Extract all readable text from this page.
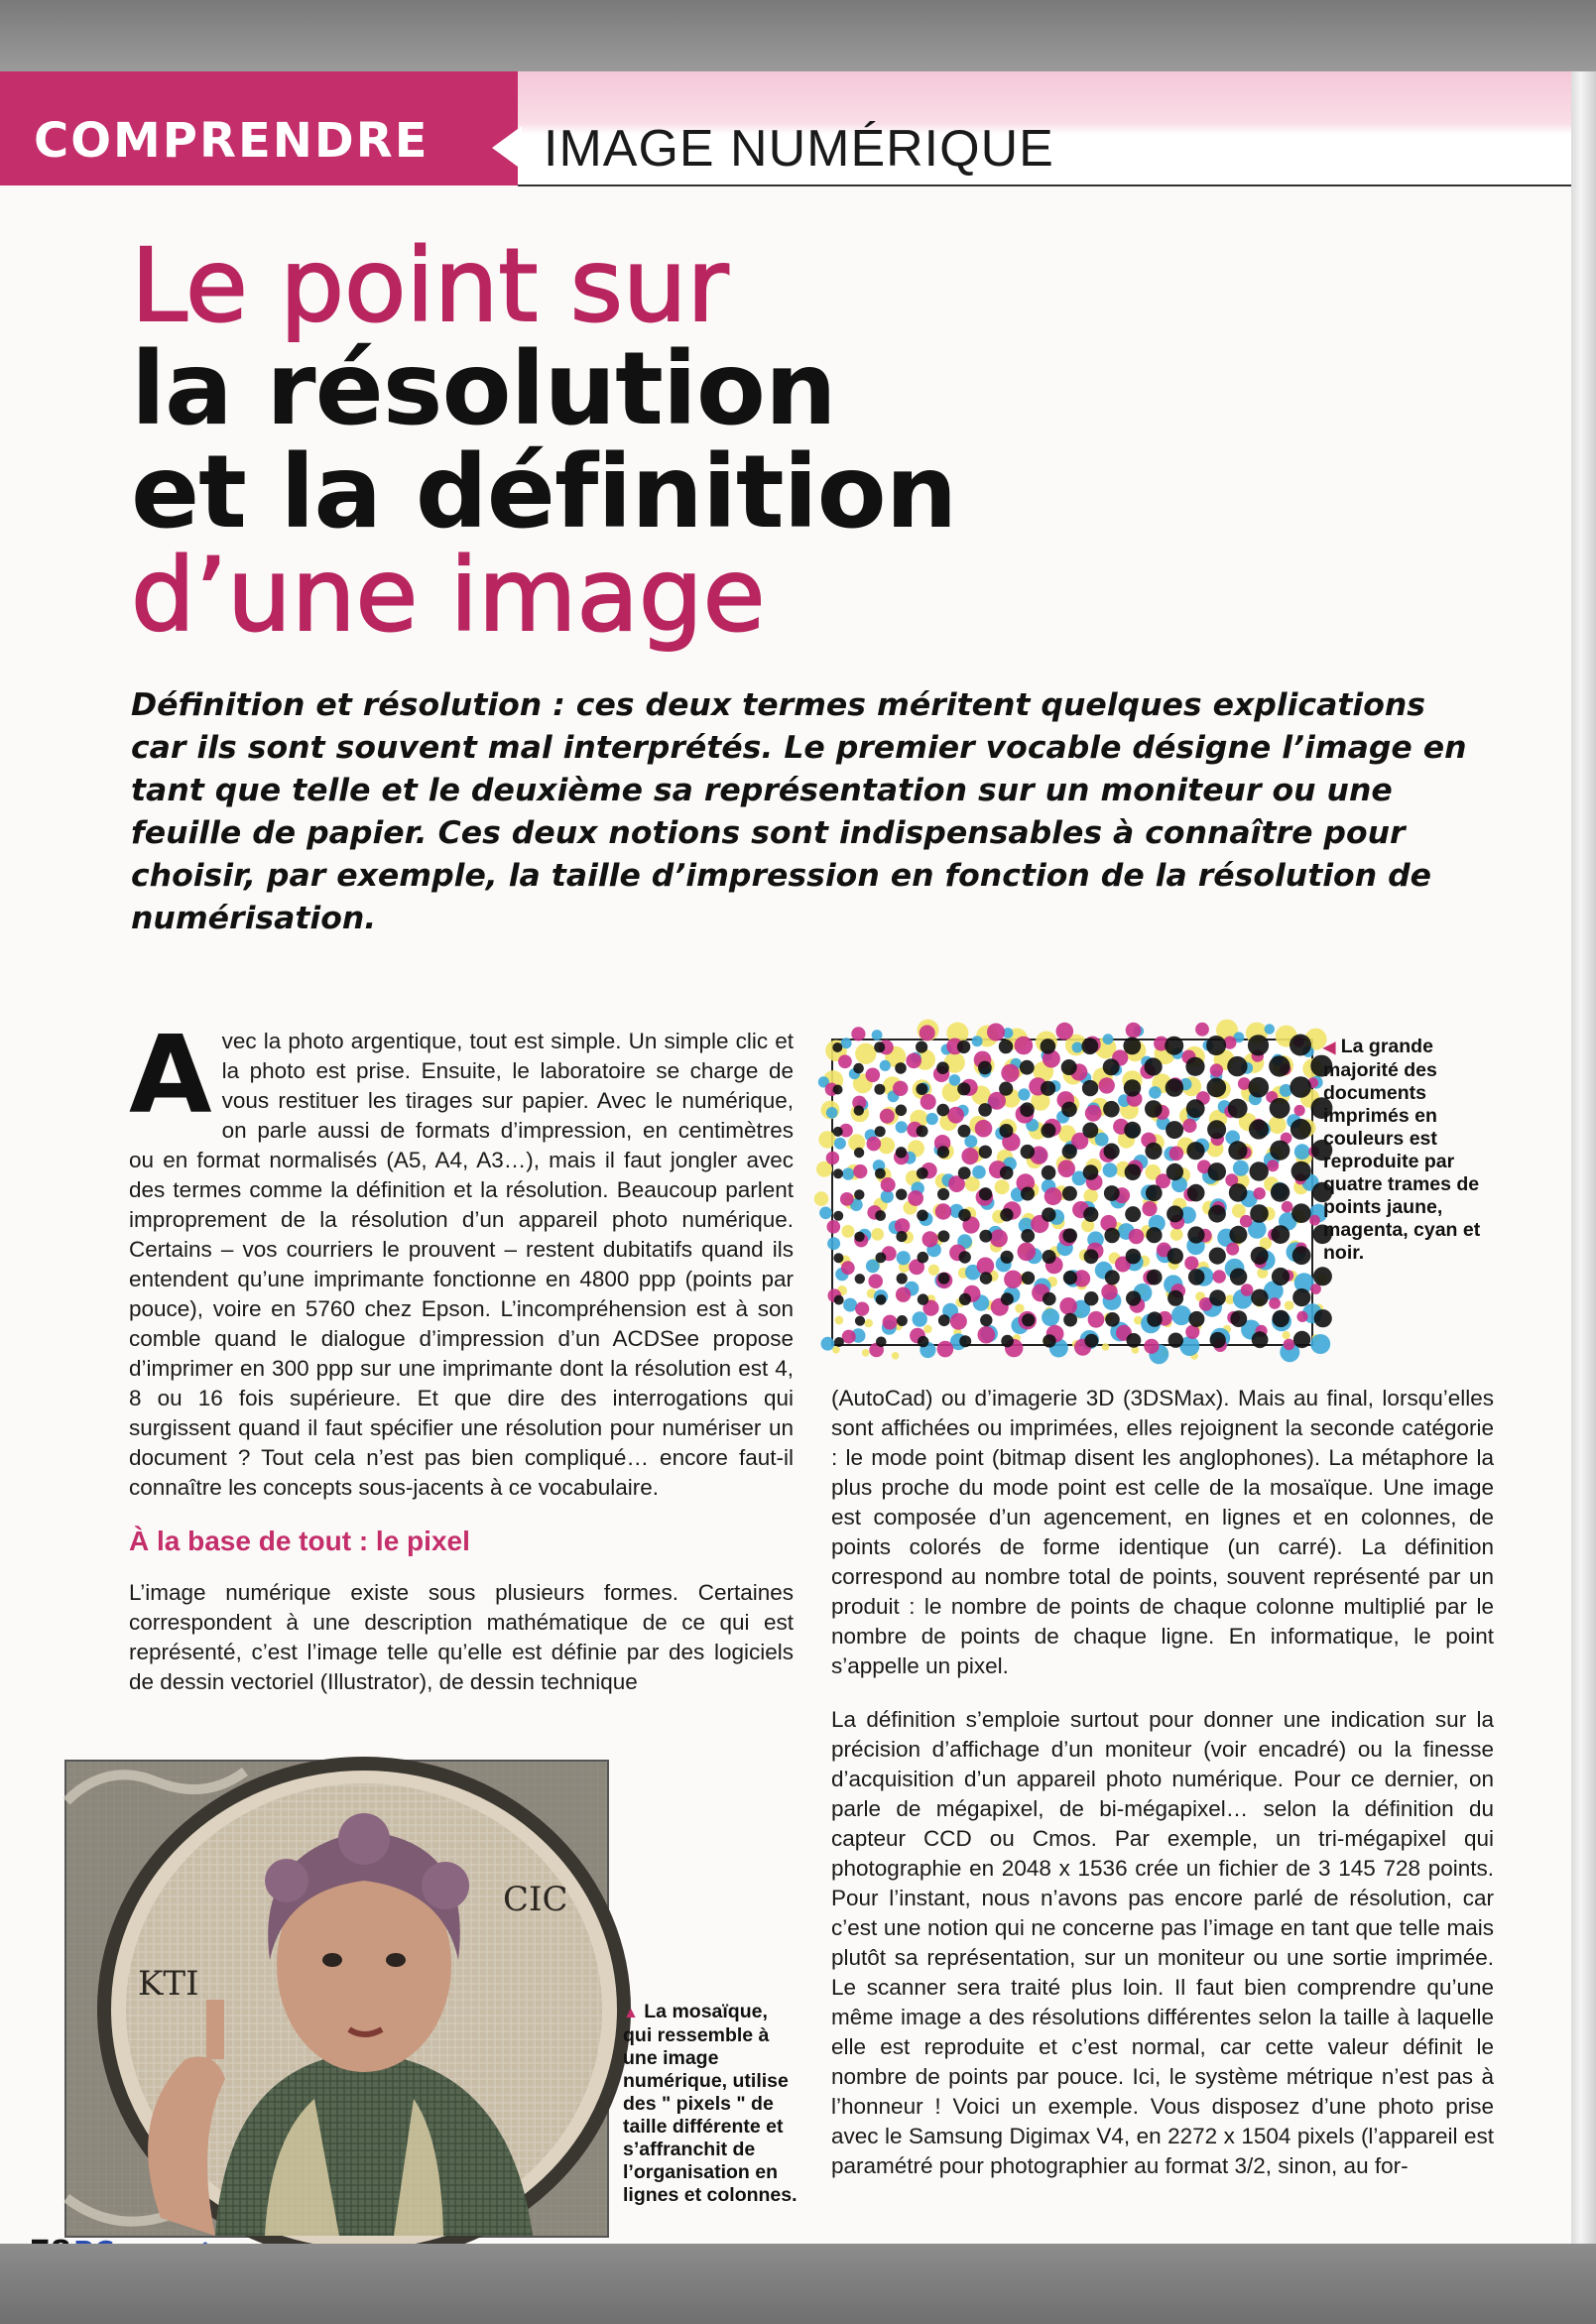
COMPRENDRE IMAGE NUMÉRIQUE
Le point sur
la résolution
et la définition
d’une image

Définition et résolution : ces deux termes méritent quelques explications car ils sont souvent mal interprétés. Le premier vocable désigne l’image en tant que telle et le deuxième sa représentation sur un moniteur ou une feuille de papier. Ces deux notions sont indispensables à connaître pour choisir, par exemple, la taille d’impression en fonction de la résolution de numérisation.

Avec la photo argentique, tout est simple. Un simple clic et la photo est prise. Ensuite, le laboratoire se charge de vous restituer les tirages sur papier. Avec le numérique, on parle aussi de formats d’impression, en centimètres ou en format normalisés (A5, A4, A3…), mais il faut jongler avec des termes comme la définition et la résolution. Beaucoup parlent improprement de la résolution d’un appareil photo numérique. Certains – vos courriers le prouvent – restent dubitatifs quand ils entendent qu’une imprimante fonctionne en 4800 ppp (points par pouce), voire en 5760 chez Epson. L’incompréhension est à son comble quand le dialogue d’impression d’un ACDSee propose d’imprimer en 300 ppp sur une imprimante dont la résolution est 4, 8 ou 16 fois supérieure. Et que dire des interrogations qui surgissent quand il faut spécifier une résolution pour numériser un document ? Tout cela n’est pas bien compliqué… encore faut-il connaître les concepts sous-jacents à ce vocabulaire.

À la base de tout : le pixel

L’image numérique existe sous plusieurs formes. Certaines correspondent à une description mathématique de ce qui est représenté, c’est l’image telle qu’elle est définie par des logiciels de dessin vectoriel (Illustrator), de dessin technique

◀ La grande majorité des documents imprimés en couleurs est reproduite par quatre trames de points jaune, magenta, cyan et noir.

(AutoCad) ou d’imagerie 3D (3DSMax). Mais au final, lorsqu’elles sont affichées ou imprimées, elles rejoignent la seconde catégorie : le mode point (bitmap disent les anglophones). La métaphore la plus proche du mode point est celle de la mosaïque. Une image est composée d’un agencement, en lignes et en colonnes, de points colorés de forme identique (un carré). La définition correspond au nombre total de points, souvent représenté par un produit : le nombre de points de chaque colonne multiplié par le nombre de points de chaque ligne. En informatique, le point s’appelle un pixel.

La définition s’emploie surtout pour donner une indication sur la précision d’affichage d’un moniteur (voir encadré) ou la finesse d’acquisition d’un appareil photo numérique. Pour ce dernier, on parle de mégapixel, de bi-mégapixel… selon la définition du capteur CCD ou Cmos. Par exemple, un tri-mégapixel qui photographie en 2048 x 1536 crée un fichier de 3 145 728 points. Pour l’instant, nous n’avons pas encore parlé de résolution, car c’est une notion qui ne concerne pas l’image en tant que telle mais plutôt sa représentation, sur un moniteur ou une sortie imprimée. Le scanner sera traité plus loin. Il faut bien comprendre qu’une même image a des résolutions différentes selon la taille à laquelle elle est reproduite et c’est normal, car cette valeur définit le nombre de points par pouce. Ici, le système métrique n’est pas à l’honneur ! Voici un exemple. Vous disposez d’une photo prise avec le Samsung Digimax V4, en 2272 x 1504 pixels (l’appareil est paramétré pour photographier au format 3/2, sinon, au for-

ΚΤΙ
CIC

▲ La mosaïque, qui ressemble à une image numérique, utilise des " pixels " de taille différente et s’affranchit de l’organisation en lignes et colonnes.
